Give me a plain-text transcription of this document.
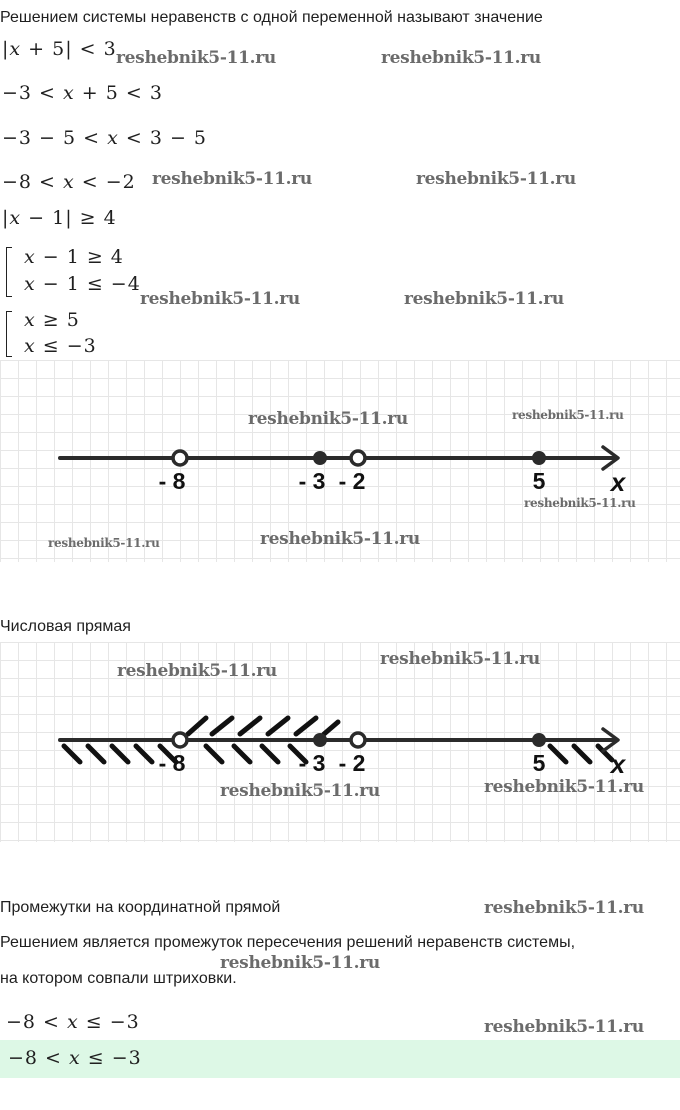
Решением системы неравенств с одной переменной называют значение
|x + 5| < 3
−3 < x + 5 < 3
−3 − 5 < x < 3 − 5
−8 < x < −2
|x − 1| ≥ 4
x − 1 ≥ 4
x − 1 ≤ −4
x ≥ 5
x ≤ −3
- 8	- 3 - 2	5	x
Числовая прямая
- 8	- 3 - 2	5	x
Промежутки на координатной прямой
Решением является промежуток пересечения решений неравенств системы,
на котором совпали штриховки.
−8 < x ≤ −3
−8 < x ≤ −3
reshebnik5-11.ru	reshebnik5-11.ru
reshebnik5-11.ru	reshebnik5-11.ru
reshebnik5-11.ru	reshebnik5-11.ru
reshebnik5-11.ru	reshebnik5-11.ru
reshebnik5-11.ru
reshebnik5-11.ru	reshebnik5-11.ru
reshebnik5-11.ru
reshebnik5-11.ru
reshebnik5-11.ru	reshebnik5-11.ru
reshebnik5-11.ru
reshebnik5-11.ru
reshebnik5-11.ru
